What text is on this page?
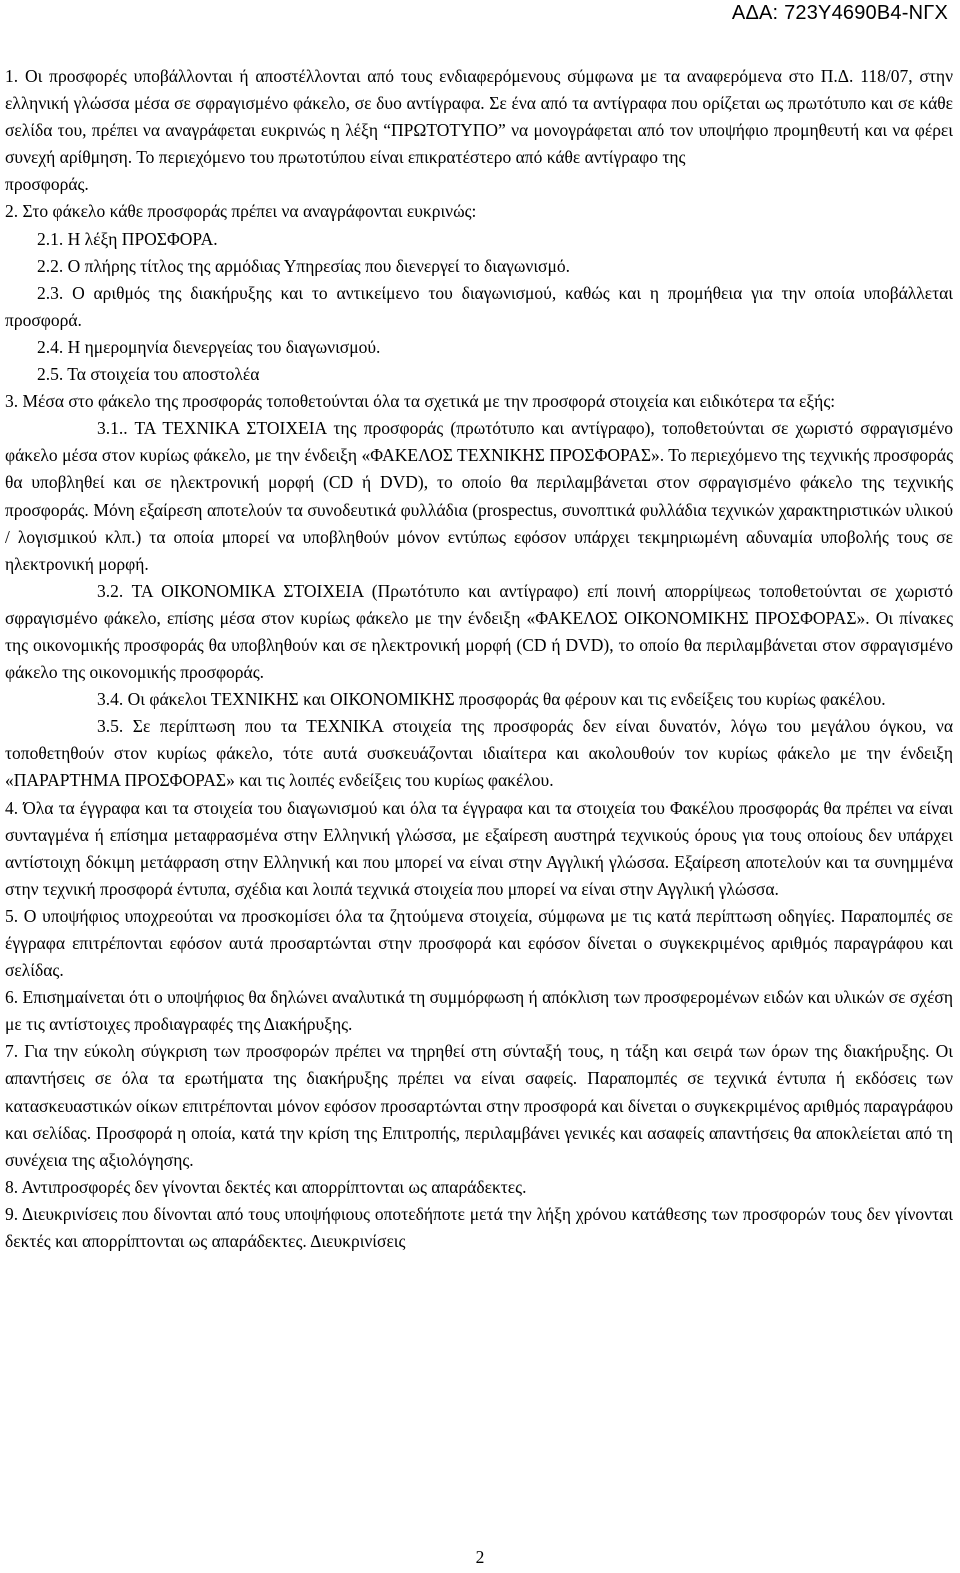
ΑΔΑ: 723Υ4690Β4-ΝΓΧ

1. Οι προσφορές υποβάλλονται ή αποστέλλονται από τους ενδιαφερόμενους σύμφωνα με τα αναφερόμενα στο Π.Δ. 118/07, στην ελληνική γλώσσα μέσα σε σφραγισμένο φάκελο, σε δυο αντίγραφα. Σε ένα από τα αντίγραφα που ορίζεται ως πρωτότυπο και σε κάθε σελίδα του, πρέπει να αναγράφεται ευκρινώς η λέξη “ΠΡΩΤΟΤΥΠΟ” να μονογράφεται από τον υποψήφιο προμηθευτή και να φέρει συνεχή αρίθμηση. Το περιεχόμενο του πρωτοτύπου είναι επικρατέστερο από κάθε αντίγραφο της

προσφοράς.

2. Στο φάκελο κάθε προσφοράς πρέπει να αναγράφονται ευκρινώς:

2.1. Η λέξη ΠΡΟΣΦΟΡΑ.

2.2. Ο πλήρης τίτλος της αρμόδιας Υπηρεσίας που διενεργεί το διαγωνισμό.

2.3. Ο αριθμός της διακήρυξης και το αντικείμενο του διαγωνισμού, καθώς και η προμήθεια για την οποία υποβάλλεται προσφορά.

2.4. Η ημερομηνία διενεργείας του διαγωνισμού.

2.5. Τα στοιχεία του αποστολέα

3. Μέσα στο φάκελο της προσφοράς τοποθετούνται όλα τα σχετικά με την προσφορά στοιχεία και ειδικότερα τα εξής:

3.1.. ΤΑ ΤΕΧΝΙΚΑ ΣΤΟΙΧΕΙΑ της προσφοράς (πρωτότυπο και αντίγραφο), τοποθετούνται σε χωριστό σφραγισμένο φάκελο μέσα στον κυρίως φάκελο, με την ένδειξη «ΦΑΚΕΛΟΣ ΤΕΧΝΙΚΗΣ ΠΡΟΣΦΟΡΑΣ». Το περιεχόμενο της τεχνικής προσφοράς θα υποβληθεί και σε ηλεκτρονική μορφή (CD ή DVD), το οποίο θα περιλαμβάνεται στον σφραγισμένο φάκελο της τεχνικής προσφοράς. Μόνη εξαίρεση αποτελούν τα συνοδευτικά φυλλάδια (prospectus, συνοπτικά φυλλάδια τεχνικών χαρακτηριστικών υλικού / λογισμικού κλπ.) τα οποία μπορεί να υποβληθούν μόνον εντύπως εφόσον υπάρχει τεκμηριωμένη αδυναμία υποβολής τους σε ηλεκτρονική μορφή.

3.2. ΤΑ ΟΙΚΟΝΟΜΙΚΑ ΣΤΟΙΧΕΙΑ (Πρωτότυπο και αντίγραφο) επί ποινή απορρίψεως τοποθετούνται σε χωριστό σφραγισμένο φάκελο, επίσης μέσα στον κυρίως φάκελο με την ένδειξη «ΦΑΚΕΛΟΣ ΟΙΚΟΝΟΜΙΚΗΣ ΠΡΟΣΦΟΡΑΣ». Οι πίνακες της οικονομικής προσφοράς θα υποβληθούν και σε ηλεκτρονική μορφή (CD ή DVD), το οποίο θα περιλαμβάνεται στον σφραγισμένο φάκελο της οικονομικής προσφοράς.

3.4. Οι φάκελοι ΤΕΧΝΙΚΗΣ και ΟΙΚΟΝΟΜΙΚΗΣ προσφοράς θα φέρουν και τις ενδείξεις του κυρίως φακέλου.

3.5. Σε περίπτωση που τα ΤΕΧΝΙΚΑ στοιχεία της προσφοράς δεν είναι δυνατόν, λόγω του μεγάλου όγκου, να τοποθετηθούν στον κυρίως φάκελο, τότε αυτά συσκευάζονται ιδιαίτερα και ακολουθούν τον κυρίως φάκελο με την ένδειξη «ΠΑΡΑΡΤΗΜΑ ΠΡΟΣΦΟΡΑΣ» και τις λοιπές ενδείξεις του κυρίως φακέλου.

4. Όλα τα έγγραφα και τα στοιχεία του διαγωνισμού και όλα τα έγγραφα και τα στοιχεία του Φακέλου προσφοράς θα πρέπει να είναι συνταγμένα ή επίσημα μεταφρασμένα στην Ελληνική γλώσσα, με εξαίρεση αυστηρά τεχνικούς όρους για τους οποίους δεν υπάρχει αντίστοιχη δόκιμη μετάφραση στην Ελληνική και που μπορεί να είναι στην Αγγλική γλώσσα. Εξαίρεση αποτελούν και τα συνημμένα στην τεχνική προσφορά έντυπα, σχέδια και λοιπά τεχνικά στοιχεία που μπορεί να είναι στην Αγγλική γλώσσα.

5. Ο υποψήφιος υποχρεούται να προσκομίσει όλα τα ζητούμενα στοιχεία, σύμφωνα με τις κατά περίπτωση οδηγίες. Παραπομπές σε έγγραφα επιτρέπονται εφόσον αυτά προσαρτώνται στην προσφορά και εφόσον δίνεται ο συγκεκριμένος αριθμός παραγράφου και σελίδας.

6. Επισημαίνεται ότι ο υποψήφιος θα δηλώνει αναλυτικά τη συμμόρφωση ή απόκλιση των προσφερομένων ειδών και υλικών σε σχέση με τις αντίστοιχες προδιαγραφές της Διακήρυξης.

7. Για την εύκολη σύγκριση των προσφορών πρέπει να τηρηθεί στη σύνταξή τους, η τάξη και σειρά των όρων της διακήρυξης. Οι απαντήσεις σε όλα τα ερωτήματα της διακήρυξης πρέπει να είναι σαφείς. Παραπομπές σε τεχνικά έντυπα ή εκδόσεις των κατασκευαστικών οίκων επιτρέπονται μόνον εφόσον προσαρτώνται στην προσφορά και δίνεται ο συγκεκριμένος αριθμός παραγράφου και σελίδας. Προσφορά η οποία, κατά την κρίση της Επιτροπής, περιλαμβάνει γενικές και ασαφείς απαντήσεις θα αποκλείεται από τη συνέχεια της αξιολόγησης.

8. Αντιπροσφορές δεν γίνονται δεκτές και απορρίπτονται ως απαράδεκτες.

9. Διευκρινίσεις που δίνονται από τους υποψήφιους οποτεδήποτε μετά την λήξη χρόνου κατάθεσης των προσφορών τους δεν γίνονται δεκτές και απορρίπτονται ως απαράδεκτες. Διευκρινίσεις

2
